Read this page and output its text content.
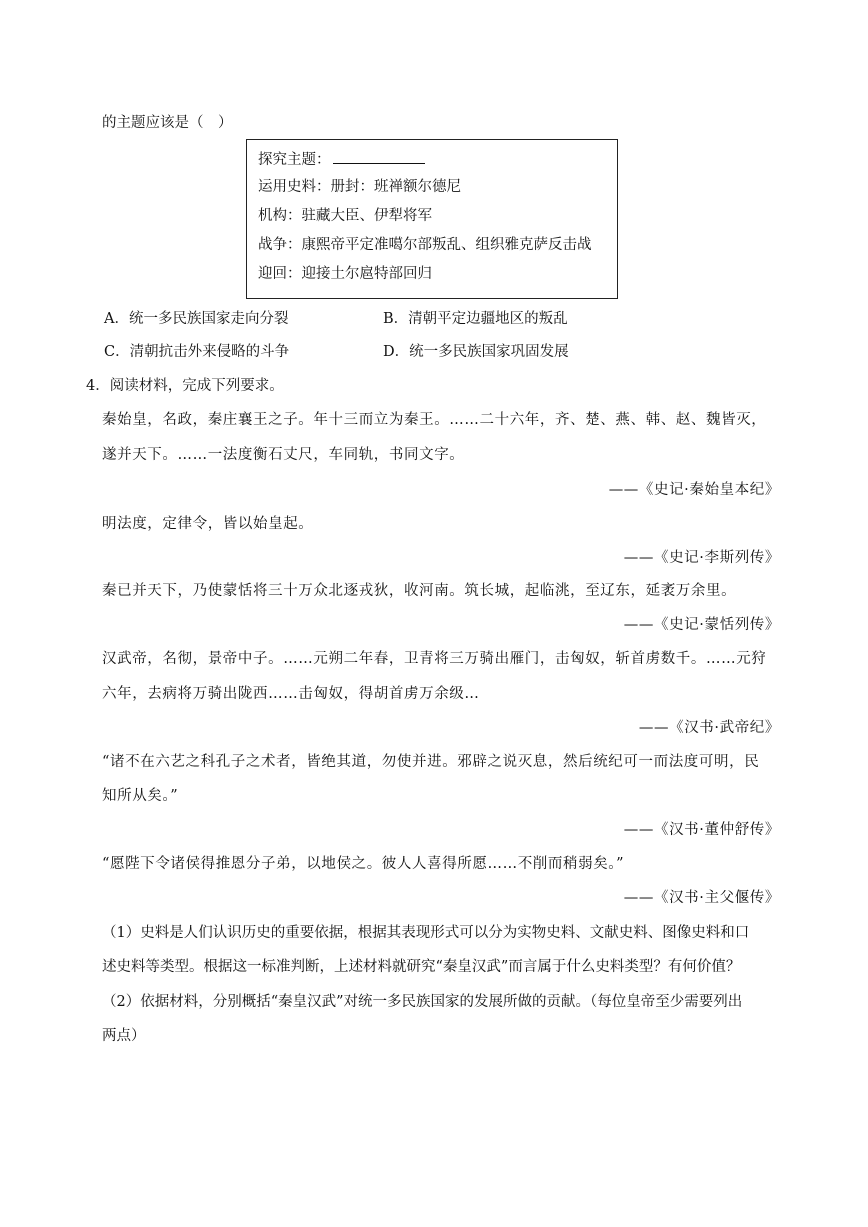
的主题应该是（　）
探究主题：
运用史料：册封：班禅额尔德尼
机构：驻藏大臣、伊犁将军
战争：康熙帝平定准噶尔部叛乱、组织雅克萨反击战
迎回：迎接土尔扈特部回归
A．统一多民族国家走向分裂	B．清朝平定边疆地区的叛乱
C．清朝抗击外来侵略的斗争	D．统一多民族国家巩固发展
4．阅读材料，完成下列要求。
秦始皇，名政，秦庄襄王之子。年十三而立为秦王。……二十六年，齐、楚、燕、韩、赵、魏皆灭，
遂并天下。……一法度衡石丈尺，车同轨，书同文字。
——《史记·秦始皇本纪》
明法度，定律令，皆以始皇起。
——《史记·李斯列传》
秦已并天下，乃使蒙恬将三十万众北逐戎狄，收河南。筑长城，起临洮，至辽东，延袤万余里。
——《史记·蒙恬列传》
汉武帝，名彻，景帝中子。……元朔二年春，卫青将三万骑出雁门，击匈奴，斩首虏数千。……元狩
六年，去病将万骑出陇西……击匈奴，得胡首虏万余级…
——《汉书·武帝纪》
“诸不在六艺之科孔子之术者，皆绝其道，勿使并进。邪辟之说灭息，然后统纪可一而法度可明，民
知所从矣。”
——《汉书·董仲舒传》
“愿陛下令诸侯得推恩分子弟，以地侯之。彼人人喜得所愿……不削而稍弱矣。”
——《汉书·主父偃传》
（1）史料是人们认识历史的重要依据，根据其表现形式可以分为实物史料、文献史料、图像史料和口
述史料等类型。根据这一标准判断，上述材料就研究“秦皇汉武”而言属于什么史料类型？有何价值？
（2）依据材料，分别概括“秦皇汉武”对统一多民族国家的发展所做的贡献。（每位皇帝至少需要列出
两点）
